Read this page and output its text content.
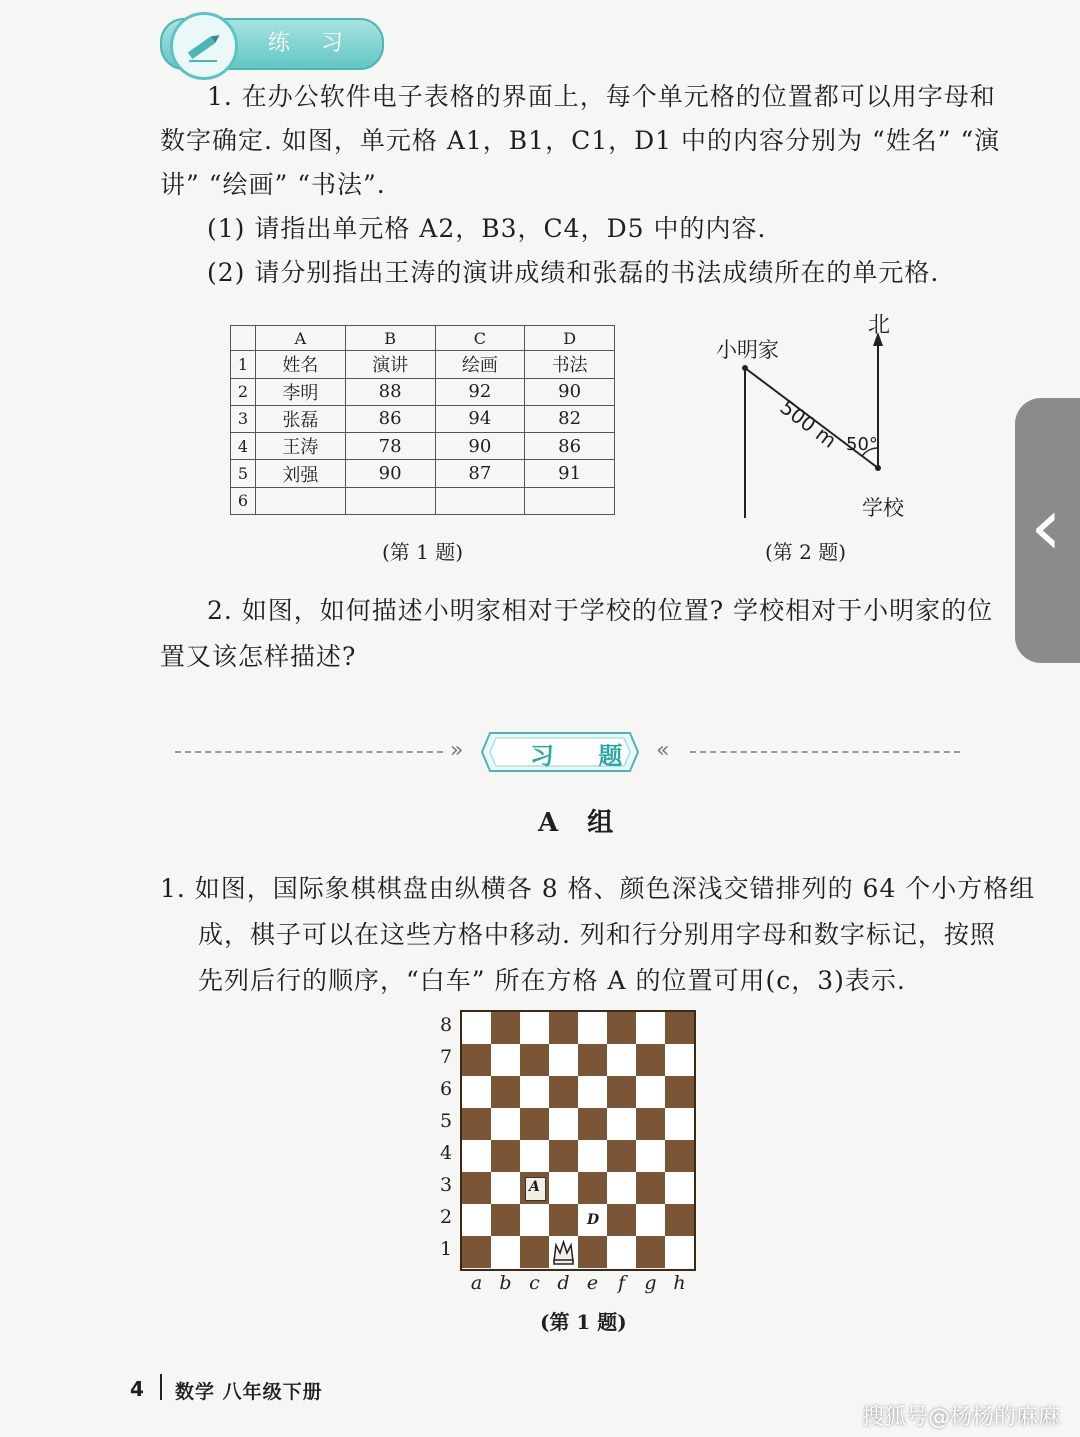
练 习
1. 在办公软件电子表格的界面上，每个单元格的位置都可以用字母和
数字确定. 如图，单元格 A1，B1，C1，D1 中的内容分别为 “姓名” “演
讲” “绘画” “书法”.
(1) 请指出单元格 A2，B3，C4，D5 中的内容.
(2) 请分别指出王涛的演讲成绩和张磊的书法成绩所在的单元格.
	A	B	C	D
1	姓名	演讲	绘画	书法
2	李明	88	92	90
3	张磊	86	94	82
4	王涛	78	90	86
5	刘强	90	87	91
6				
(第 1 题)
北
小明家
学校
500 m 50°
(第 2 题)
2. 如图，如何描述小明家相对于学校的位置? 学校相对于小明家的位
置又该怎样描述?
‹
»	习 题 «
A 组
1. 如图，国际象棋棋盘由纵横各 8 格、颜色深浅交错排列的 64 个小方格组
成，棋子可以在这些方格中移动. 列和行分别用字母和数字标记，按照
先列后行的顺序，“白车” 所在方格 A 的位置可用(c，3)表示.
A
D
8
7
6
5
4
3
2
1
a b c d e	f	g h
(第 1 题)
4 数学 八年级下册
搜狐号@杨杨的麻麻
